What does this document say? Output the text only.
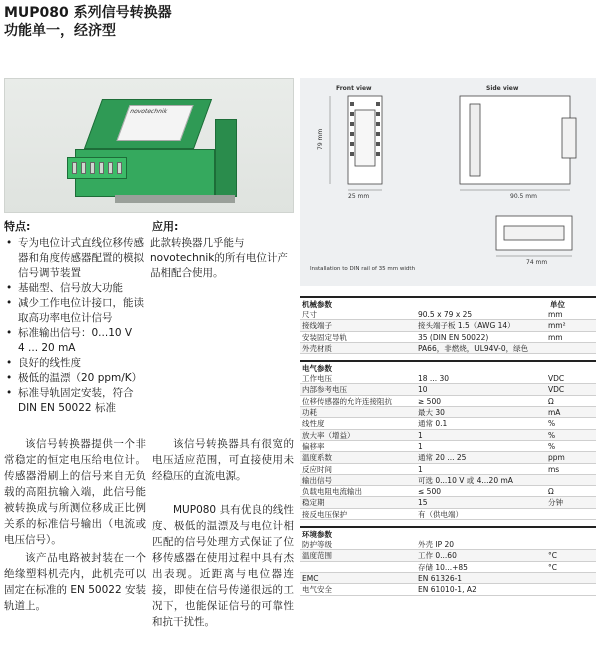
MUP080 系列信号转换器
功能单一，经济型
novotechnik
Front view	Side view
79 mm
25 mm	90.5 mm
74 mm
Installation to DIN rail of 35 mm width
特点:
• 专为电位计式直线位移传感器和角度传感器配置的模拟信号调节装置
• 基础型、信号放大功能
• 减少工作电位计接口，能读取高功率电位计信号
• 标准输出信号：0...10 V
4 ... 20 mA
• 良好的线性度
• 极低的温漂（20 ppm/K）
• 标准导轨固定安装，符合 DIN EN 50022 标准
应用:
此款转换器几乎能与 novotechnik的所有电位计产品相配合使用。
该信号转换器提供一个非常稳定的恒定电压给电位计。传感器滑刷上的信号来自无负载的高阻抗输入端，此信号能被转换成与所测位移成正比例关系的标准信号输出（电流或电压信号）。
该产品电路被封装在一个绝缘塑料机壳内，此机壳可以固定在标准的 EN 50022 安装轨道上。
该信号转换器具有很宽的电压适应范围，可直接使用未经稳压的直流电源。
MUP080 具有优良的线性度、极低的温漂及与电位计相匹配的信号处理方式保证了位移传感器在使用过程中具有杰出表现。近距离与电位器连接，即使在信号传递很远的工况下，也能保证信号的可靠性和抗干扰性。
机械参数	单位
尺寸	90.5 x 79 x 25	mm
接线端子	接头端子板 1.5（AWG 14）	mm²
安装固定导轨	35 (DIN EN 50022)	mm
外壳材质	PA66，非燃烧，UL94V-0，绿色
电气参数
工作电压	18 ... 30	VDC
内部参考电压	10	VDC
位移传感器的允许连接阻抗	≥ 500	Ω
功耗	最大 30	mA
线性度	通常 0.1	%
放大率（增益）	1	%
偏移率	1	%
温度系数	通常 20 ... 25	ppm
反应时间	1	ms
输出信号	可选 0...10 V 或 4...20 mA
负载电阻电流输出	≤ 500	Ω
稳定期	15	分钟
接反电压保护	有（供电端）
环境参数
防护等级	外壳 IP 20
温度范围	工作 0...60	°C
存储 10...+85	°C
EMC	EN 61326-1
电气安全	EN 61010-1, A2
